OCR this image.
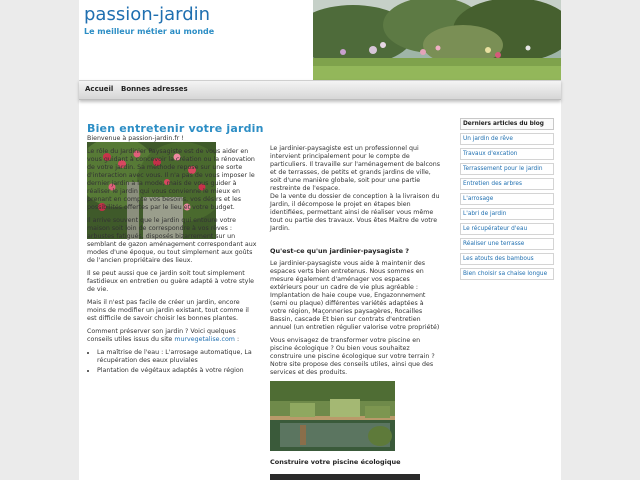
passion-jardin
Le meilleur métier au monde
Accueil Bonnes adresses
Bien entretenir votre jardin

Bienvenue à passion-jardin.fr !

Le rôle du Jardinier Paysagiste est de vous aider en vous guidant à concevoir la création ou la rénovation de votre jardin. Sa méthode repose sur une sorte d'interaction avec vous. Il n'a pas de vous imposer le dernier jardin à la mode, mais de vous guider à réaliser le jardin qui vous convienne le mieux en prenant en compte vos besoins, vos désirs et les possibilités offertes par le lieu et votre budget.

Il arrive souvent que le jardin qui entoure votre maison soit loin de correspondre à vos rêves : arbustes fatigués, disposés bizarrement sur un semblant de gazon aménagement correspondant aux modes d'une époque, ou tout simplement aux goûts de l'ancien propriétaire des lieux.

Il se peut aussi que ce jardin soit tout simplement fastidieux en entretien ou guère adapté à votre style de vie.

Mais il n'est pas facile de créer un jardin, encore moins de modifier un jardin existant, tout comme il est difficile de savoir choisir les bonnes plantes.

Comment préserver son jardin ? Voici quelques conseils utiles issus du site murvegetalise.com :

• La maîtrise de l'eau : L'arrosage automatique, La récupération des eaux pluviales
• Plantation de végétaux adaptés à votre région

Le jardinier-paysagiste est un professionnel qui intervient principalement pour le compte de particuliers. Il travaille sur l'aménagement de balcons et de terrasses, de petits et grands jardins de ville, soit d'une manière globale, soit pour une partie restreinte de l'espace.

De la vente du dossier de conception à la livraison du Jardin, il décompose le projet en étapes bien identifiées, permettant ainsi de réaliser vous même tout ou partie des travaux. Vous êtes Maitre de votre Jardin.

Qu'est-ce qu'un jardinier-paysagiste ?

Le jardinier-paysagiste vous aide à maintenir des espaces verts bien entretenus. Nous sommes en mesure également d'aménager vos espaces extérieurs pour un cadre de vie plus agréable : Implantation de haie coupe vue, Engazonnement (semi ou plaque) différentes variétés adaptées à votre région, Maçonneries paysagères, Rocailles Bassin, cascade Et bien sur contrats d'entretien annuel (un entretien régulier valorise votre propriété)

Vous envisagez de transformer votre piscine en piscine écologique ? Ou bien vous souhaitez construire une piscine écologique sur votre terrain ? Notre site propose des conseils utiles, ainsi que des services et des produits.

Construire votre piscine écologique

Derniers articles du blog
Un jardin de rêve
Travaux d'excation
Terrassement pour le jardin
Entretien des arbres
L'arrosage
L'abri de jardin
Le récupérateur d'eau
Réaliser une terrasse
Les atouts des bambous
Bien choisir sa chaise longue
